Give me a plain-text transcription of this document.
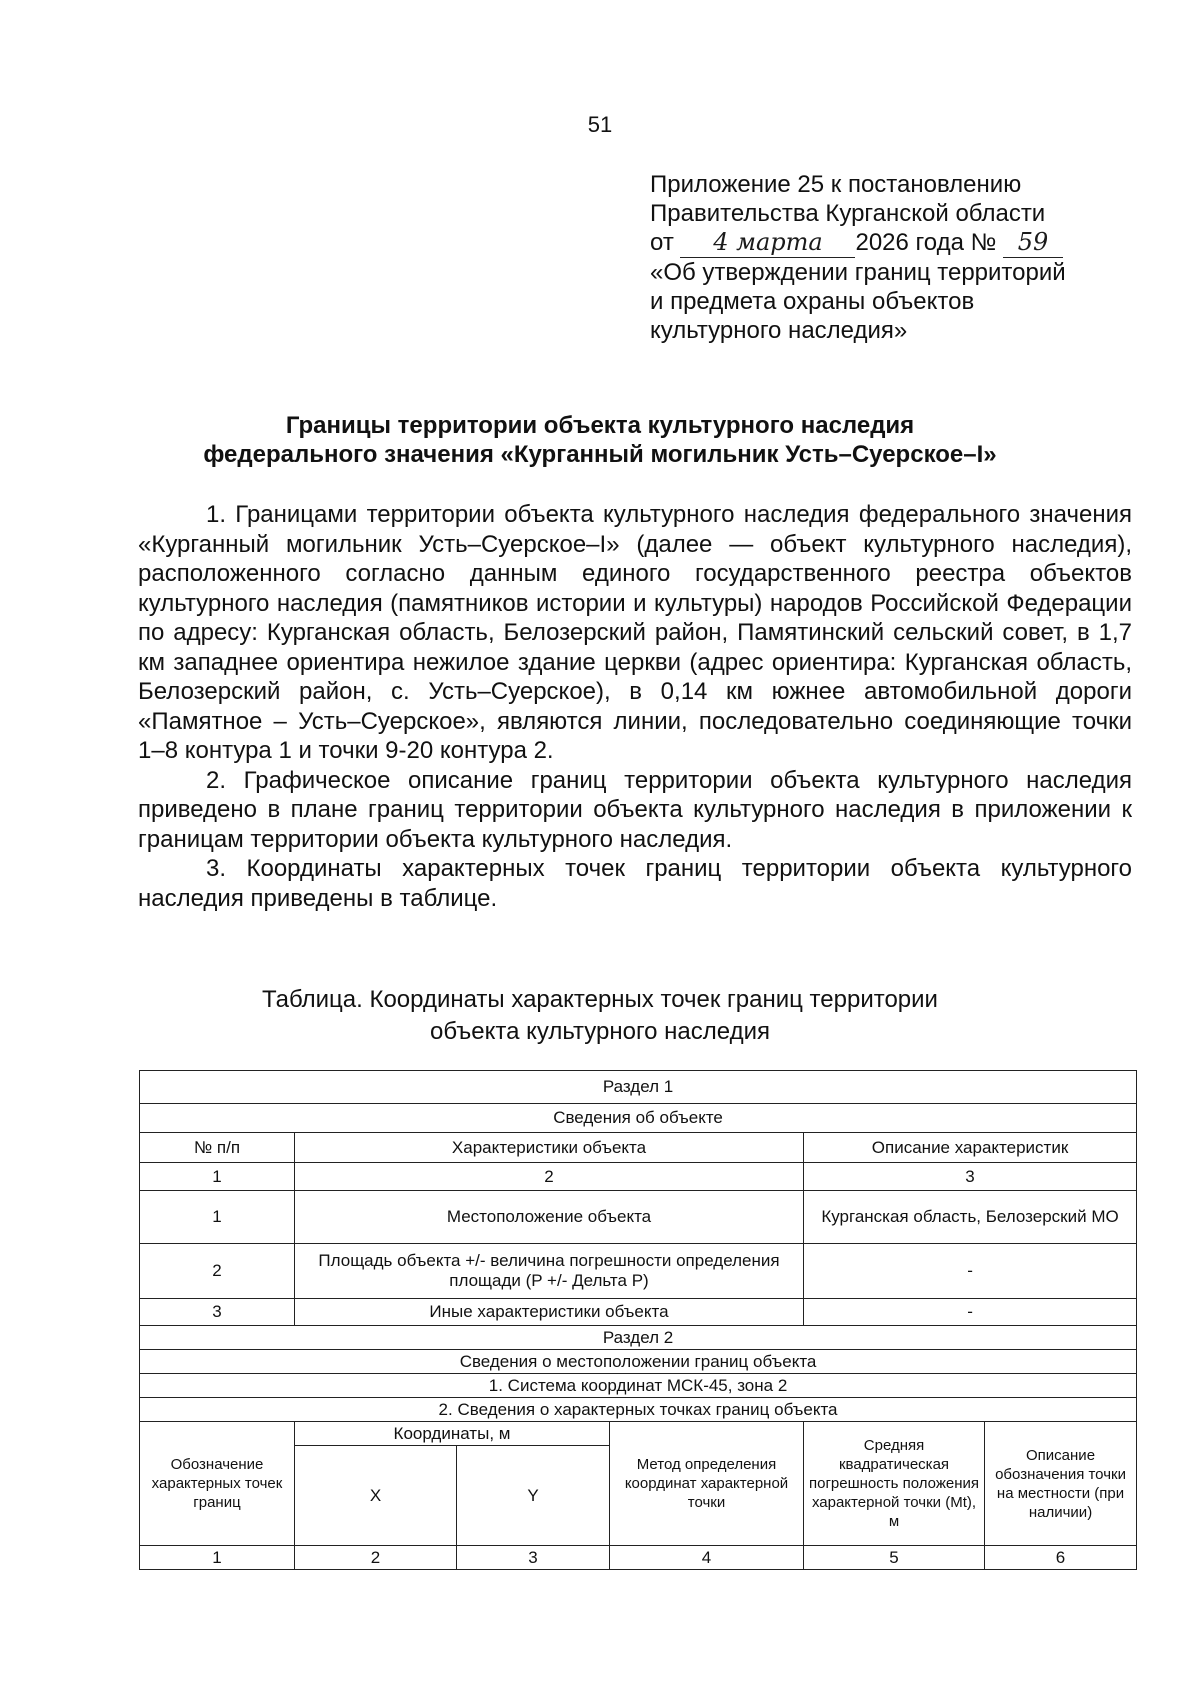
51
Приложение 25 к постановлению
Правительства Курганской области
от 4 марта 2026 года № 59
«Об утверждении границ территорий
и предмета охраны объектов
культурного наследия»
Границы территории объекта культурного наследия
федерального значения «Курганный могильник Усть–Суерское–I»

1. Границами территории объекта культурного наследия федерального значения «Курганный могильник Усть–Суерское–I» (далее — объект культурного наследия), расположенного согласно данным единого государственного реестра объектов культурного наследия (памятников истории и культуры) народов Российской Федерации по адресу: Курганская область, Белозерский район, Памятинский сельский совет, в 1,7 км западнее ориентира нежилое здание церкви (адрес ориентира: Курганская область, Белозерский район, с. Усть–Суерское), в 0,14 км южнее автомобильной дороги «Памятное – Усть–Суерское», являются линии, последовательно соединяющие точки 1–8 контура 1 и точки 9-20 контура 2.

2. Графическое описание границ территории объекта культурного наследия приведено в плане границ территории объекта культурного наследия в приложении к границам территории объекта культурного наследия.

3. Координаты характерных точек границ территории объекта культурного наследия приведены в таблице.

Таблица. Координаты характерных точек границ территории
объекта культурного наследия
Раздел 1					
Сведения об объекте					
№ п/п	Характеристики объекта			Описание характеристик	
1	2			3	
1	Местоположение объекта			Курганская область, Белозерский МО	
2	Площадь объекта +/- величина погрешности определения площади (P +/- Дельта P)			-	
3	Иные характеристики объекта			-	
Раздел 2					
Сведения о местоположении границ объекта					
1. Система координат МСК-45, зона 2					
2. Сведения о характерных точках границ объекта					
Обозначение характерных точек границ	Координаты, м		Метод определения координат характерной точки	Средняя квадратическая погрешность положения характерной точки (Mt), м	Описание обозначения точки на местности (при наличии)
	X	Y			
1	2	3	4	5	6
